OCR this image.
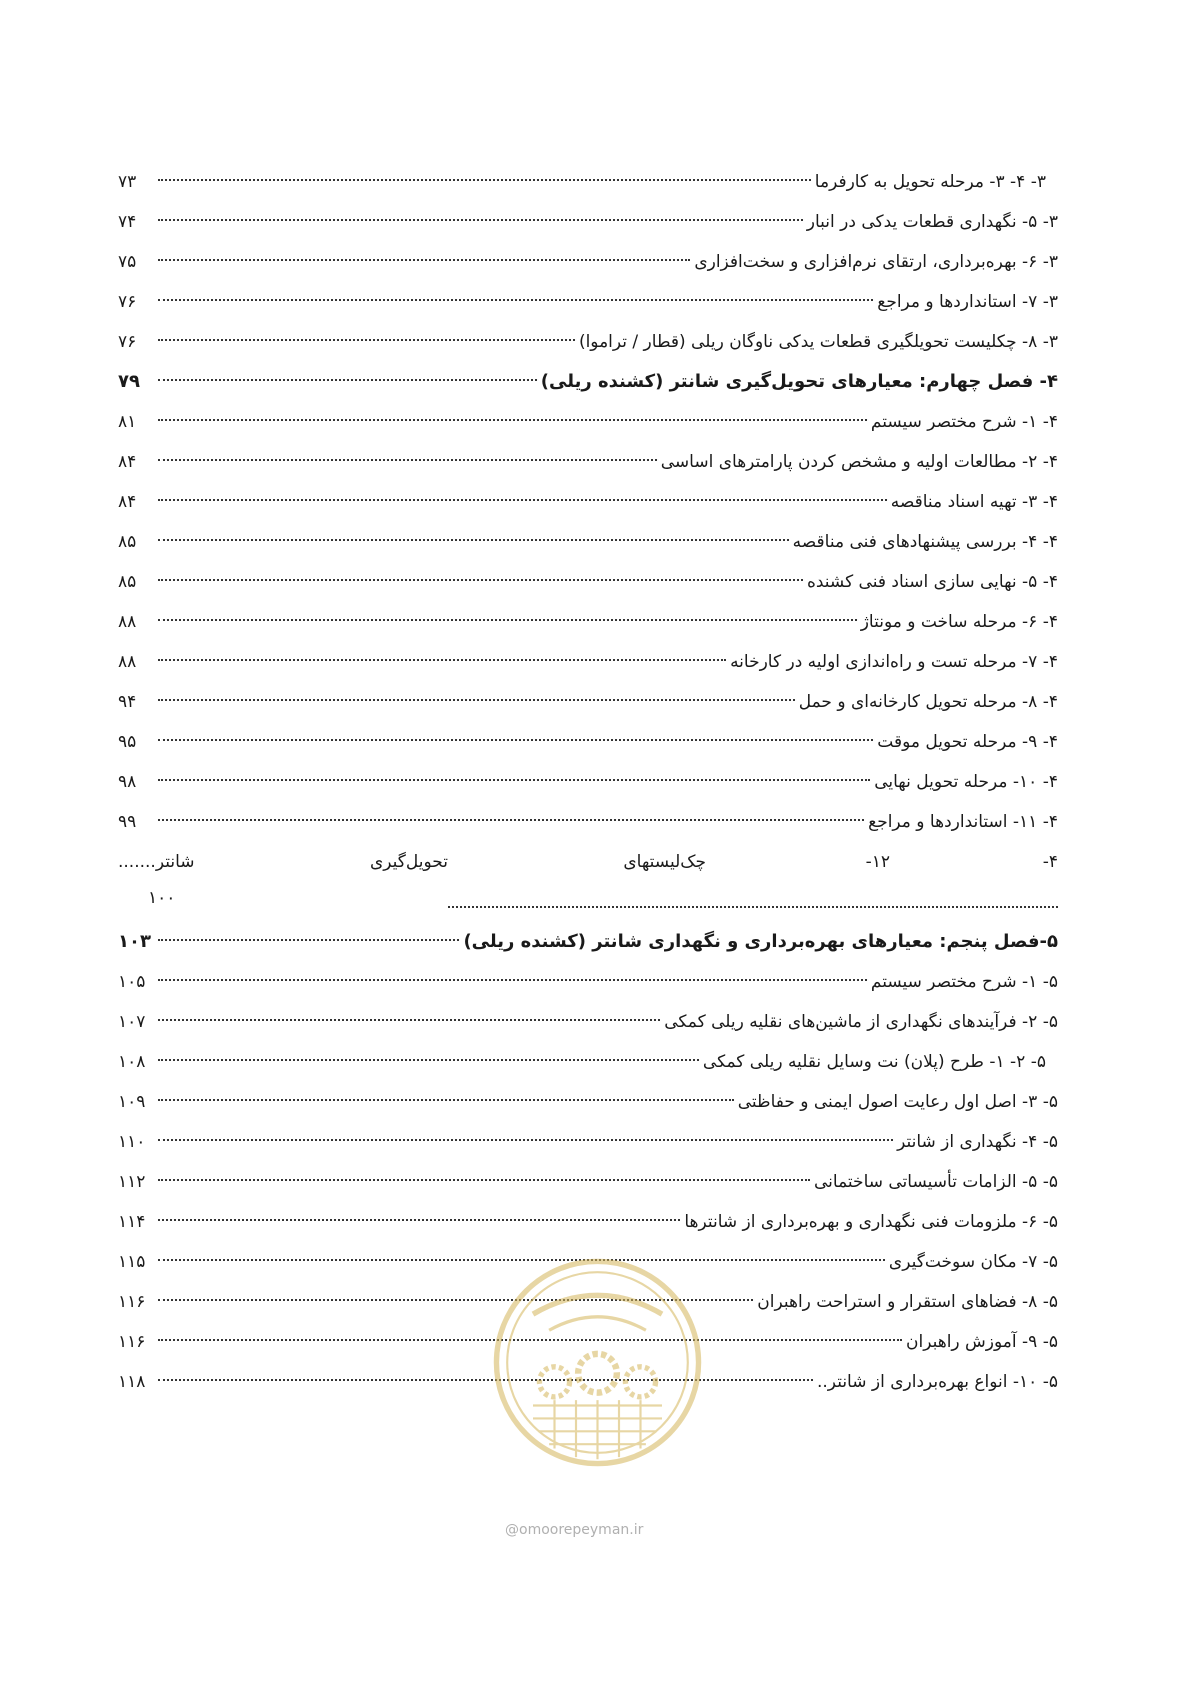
۳- ۴- ۳- مرحله تحویل به کارفرما
۷۳
۳- ۵- نگهداری قطعات یدکی در انبار
۷۴
۳- ۶- بهره‌برداری، ارتقای نرم‌افزاری و سخت‌افزاری
۷۵
۳- ۷- استانداردها و مراجع
۷۶
۳- ۸- چکلیست تحویلگیری قطعات یدکی ناوگان ریلی (قطار / تراموا)
۷۶
۴- فصل چهارم: معیارهای تحویل‌گیری شانتر (کشنده ریلی)
۷۹
۴- ۱- شرح مختصر سیستم
۸۱
۴- ۲- مطالعات اولیه و مشخص کردن پارامترهای اساسی
۸۴
۴- ۳- تهیه اسناد مناقصه
۸۴
۴- ۴- بررسی پیشنهادهای فنی مناقصه
۸۵
۴- ۵- نهایی سازی اسناد فنی کشنده
۸۵
۴- ۶- مرحله ساخت و مونتاژ
۸۸
۴- ۷- مرحله تست و راه‌اندازی اولیه در کارخانه
۸۸
۴- ۸- مرحله تحویل کارخانه‌ای و حمل
۹۴
۴- ۹- مرحله تحویل موقت
۹۵
۴- ۱۰- مرحله تحویل نهایی
۹۸
۴- ۱۱- استانداردها و مراجع
۹۹
۴-
۱۲-
چک‌لیستهای
تحویل‌گیری
شانتر.......
۱۰۰
۵-فصل پنجم: معیارهای بهره‌برداری و نگهداری شانتر (کشنده ریلی)
۱۰۳
۵- ۱- شرح مختصر سیستم
۱۰۵
۵- ۲- فرآیندهای نگهداری از ماشین‌های نقلیه ریلی کمکی
۱۰۷
۵- ۲- ۱- طرح (پلان) نت وسایل نقلیه ریلی کمکی
۱۰۸
۵- ۳- اصل اول رعایت اصول ایمنی و حفاظتی
۱۰۹
۵- ۴- نگهداری از شانتر
۱۱۰
۵- ۵- الزامات تأسیساتی ساختمانی
۱۱۲
۵- ۶- ملزومات فنی نگهداری و بهره‌برداری از شانترها
۱۱۴
۵- ۷- مکان سوخت‌گیری
۱۱۵
۵- ۸- فضاهای استقرار و استراحت راهبران
۱۱۶
۵- ۹- آموزش راهبران
۱۱۶
۵- ۱۰- انواع بهره‌برداری از شانتر..
۱۱۸
@omoorepeyman.ir
